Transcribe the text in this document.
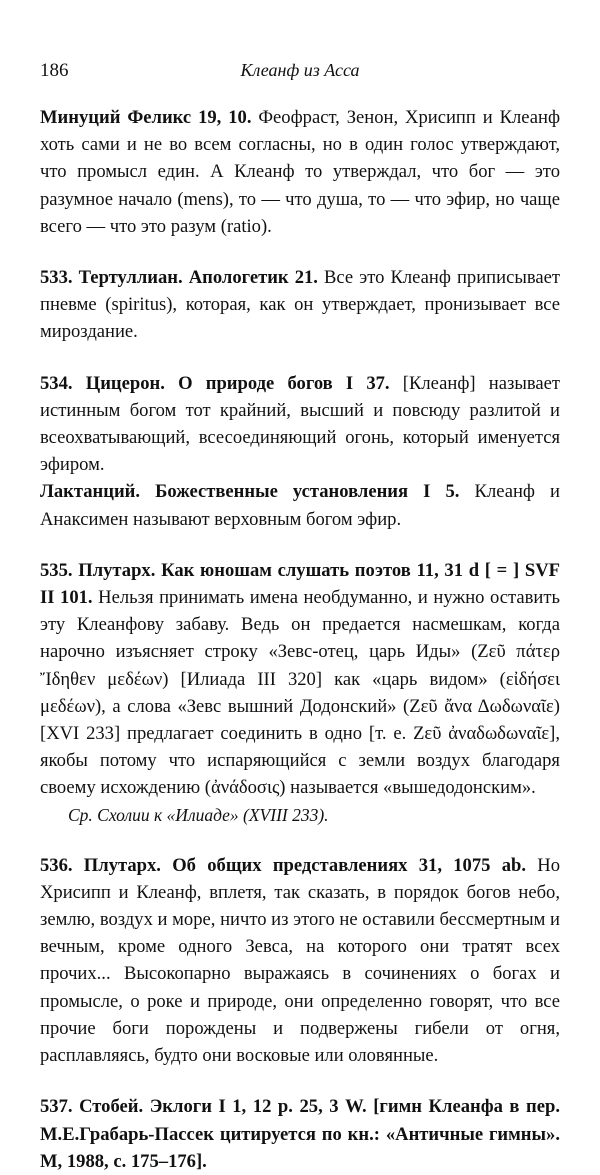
186	Клеанф из Асса

Минуций Феликс 19, 10. Феофраст, Зенон, Хрисипп и Клеанф хоть сами и не во всем согласны, но в один голос утверждают, что промысл един. А Клеанф то утверждал, что бог — это разумное начало (mens), то — что душа, то — что эфир, но чаще всего — что это разум (ratio).

533. Тертуллиан. Апологетик 21. Все это Клеанф приписывает пневме (spiritus), которая, как он утверждает, пронизывает все мироздание.

534. Цицерон. О природе богов I 37. [Клеанф] называет истинным богом тот крайний, высший и повсюду разлитой и всеохватывающий, всесоединяющий огонь, который именуется эфиром.

Лактанций. Божественные установления I 5. Клеанф и Анаксимен называют верховным богом эфир.

535. Плутарх. Как юношам слушать поэтов 11, 31 d [ = ] SVF II 101. Нельзя принимать имена необдуманно, и нужно оставить эту Клеанфову забаву. Ведь он предается насмешкам, когда нарочно изъясняет строку «Зевс-отец, царь Иды» (Ζεῦ πάτερ Ἴδηθεν μεδέων) [Илиада III 320] как «царь видом» (εἰδήσει μεδέων), а слова «Зевс вышний Додонский» (Ζεῦ ἄνα Δωδωναῖε) [XVI 233] предлагает соединить в одно [т. е. Ζεῦ ἀναδωδωναῖε], якобы потому что испаряющийся с земли воздух благодаря своему исхождению (ἀνάδοσις) называется «вышедодонским».

Ср. Схолии к «Илиаде» (XVIII 233).

536. Плутарх. Об общих представлениях 31, 1075 ab. Но Хрисипп и Клеанф, вплетя, так сказать, в порядок богов небо, землю, воздух и море, ничто из этого не оставили бессмертным и вечным, кроме одного Зевса, на которого они тратят всех прочих... Высокопарно выражаясь в сочинениях о богах и промысле, о роке и природе, они определенно говорят, что все прочие боги порождены и подвержены гибели от огня, расплавляясь, будто они восковые или оловянные.

537. Стобей. Эклоги I 1, 12 р. 25, 3 W. [гимн Клеанфа в пер. М.Е.Грабарь-Пассек цитируется по кн.: «Античные гимны». М, 1988, с. 175–176].
